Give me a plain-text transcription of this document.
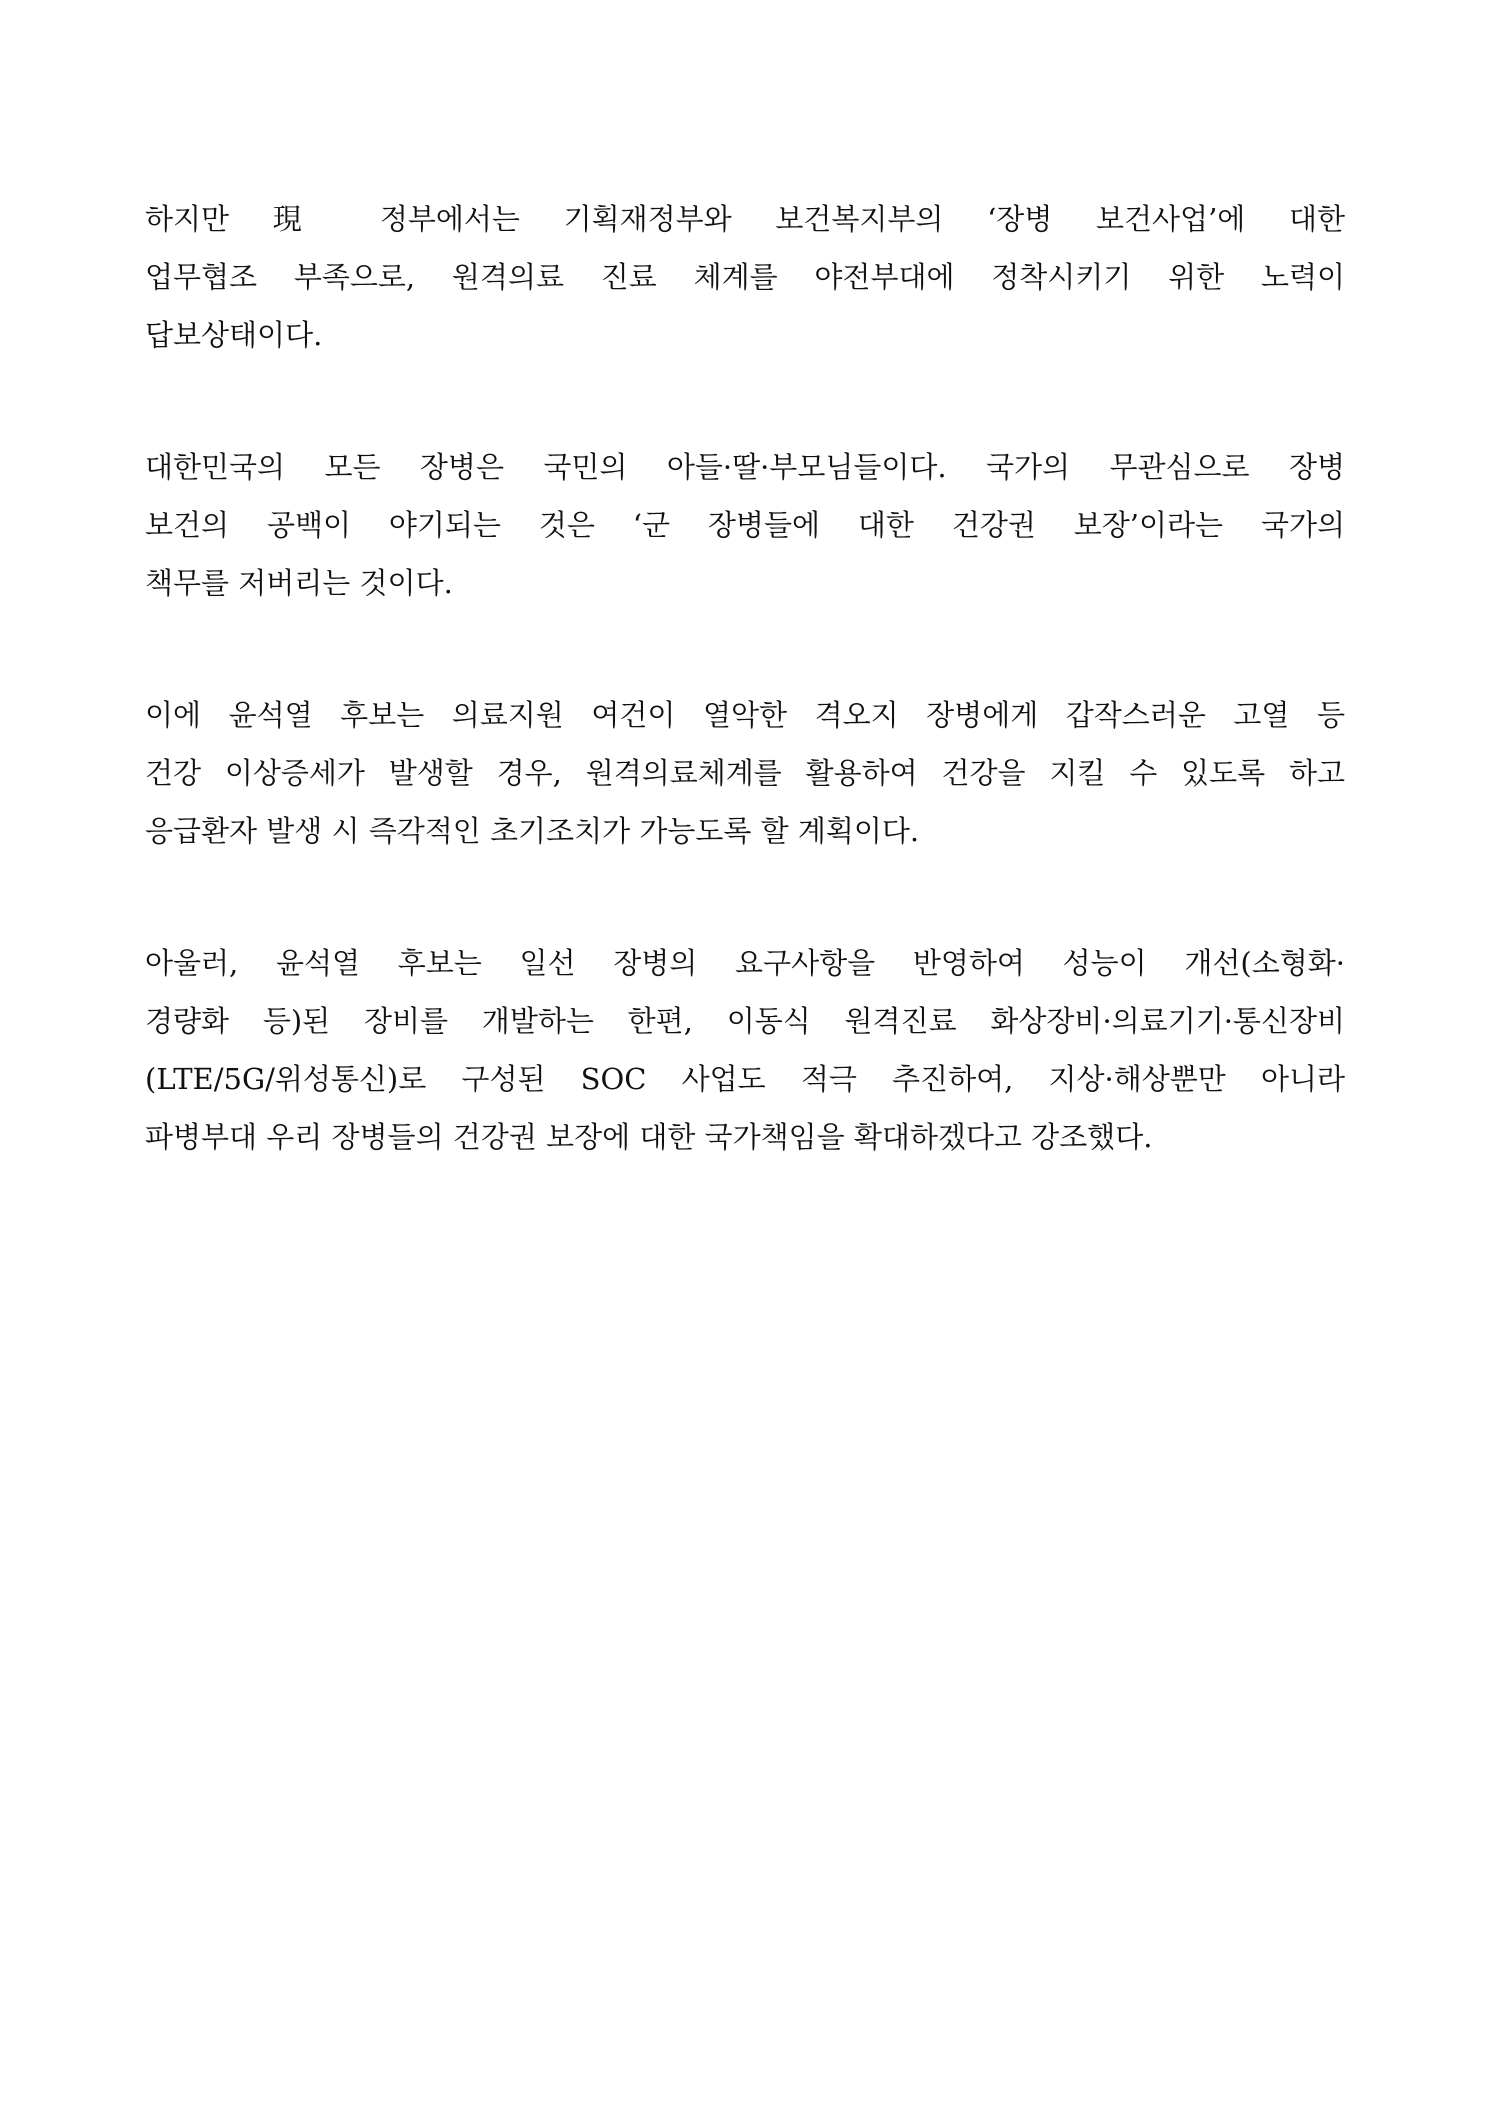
하지만 現 정부에서는 기획재정부와 보건복지부의 ‘장병 보건사업’에 대한
업무협조 부족으로, 원격의료 진료 체계를 야전부대에 정착시키기 위한 노력이
답보상태이다.
대한민국의 모든 장병은 국민의 아들·딸·부모님들이다. 국가의 무관심으로 장병
보건의 공백이 야기되는 것은 ‘군 장병들에 대한 건강권 보장’이라는 국가의
책무를 저버리는 것이다.
이에 윤석열 후보는 의료지원 여건이 열악한 격오지 장병에게 갑작스러운 고열 등
건강 이상증세가 발생할 경우, 원격의료체계를 활용하여 건강을 지킬 수 있도록 하고
응급환자 발생 시 즉각적인 초기조치가 가능도록 할 계획이다.
아울러, 윤석열 후보는 일선 장병의 요구사항을 반영하여 성능이 개선(소형화·
경량화 등)된 장비를 개발하는 한편, 이동식 원격진료 화상장비·의료기기·통신장비
(LTE/5G/위성통신)로 구성된 SOC 사업도 적극 추진하여, 지상·해상뿐만 아니라
파병부대 우리 장병들의 건강권 보장에 대한 국가책임을 확대하겠다고 강조했다.
